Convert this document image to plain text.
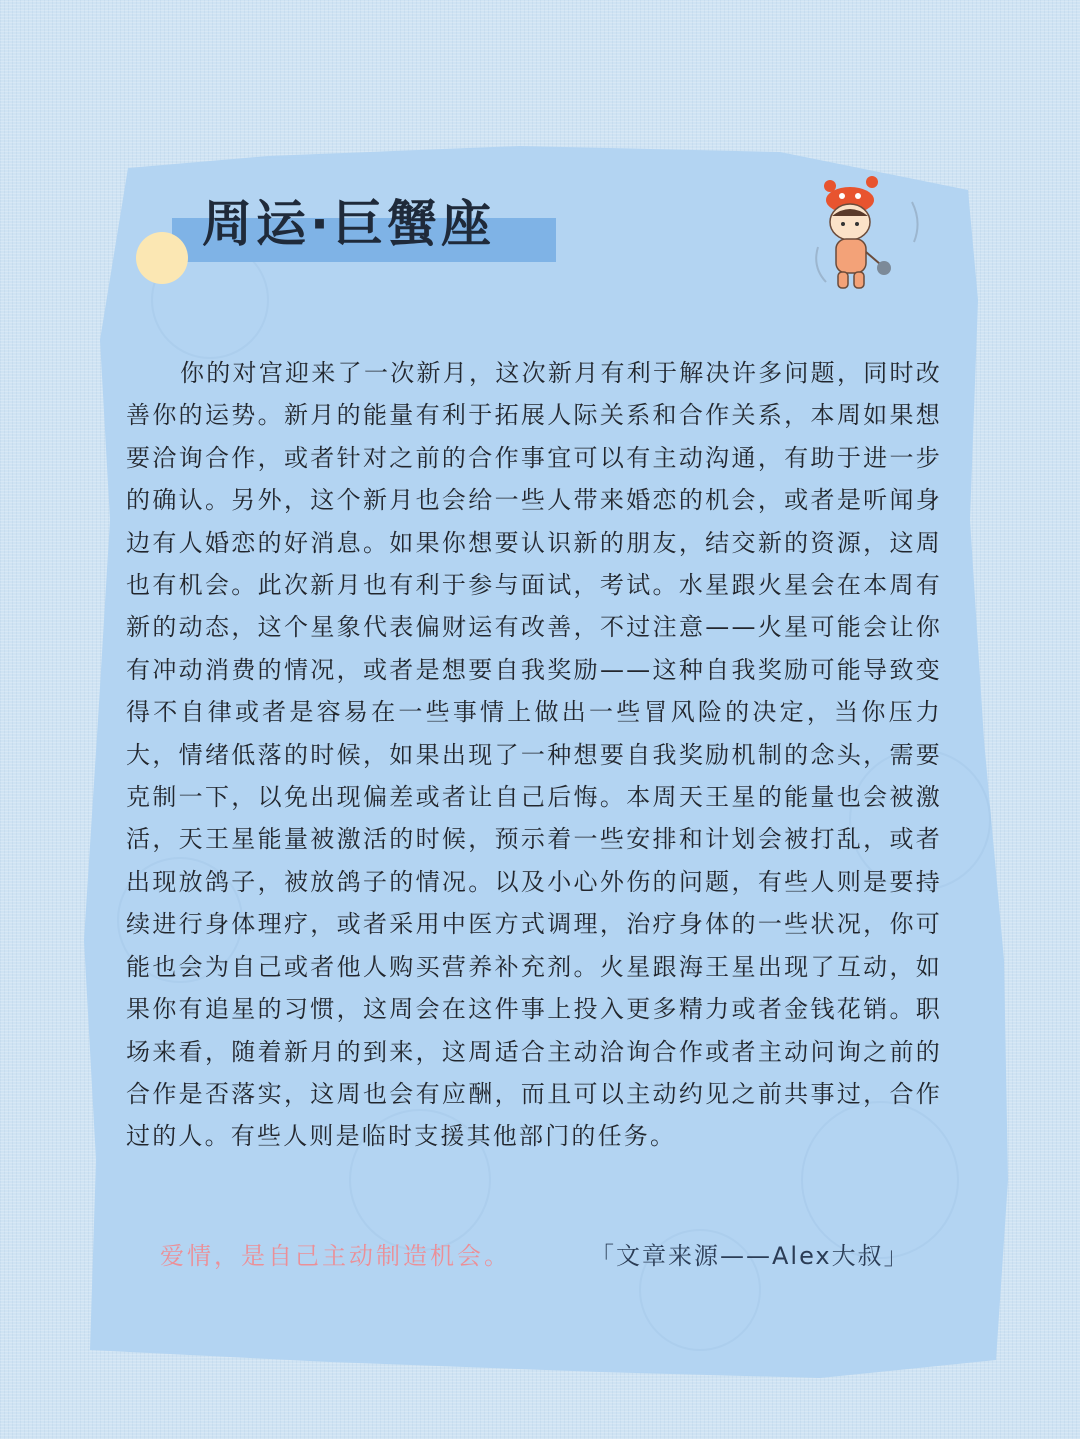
周运·巨蟹座

你的对宫迎来了一次新月，这次新月有利于解决许多问题，同时改善你的运势。新月的能量有利于拓展人际关系和合作关系，本周如果想要洽询合作，或者针对之前的合作事宜可以有主动沟通，有助于进一步的确认。另外，这个新月也会给一些人带来婚恋的机会，或者是听闻身边有人婚恋的好消息。如果你想要认识新的朋友，结交新的资源，这周也有机会。此次新月也有利于参与面试，考试。水星跟火星会在本周有新的动态，这个星象代表偏财运有改善，不过注意——火星可能会让你有冲动消费的情况，或者是想要自我奖励——这种自我奖励可能导致变得不自律或者是容易在一些事情上做出一些冒风险的决定，当你压力大，情绪低落的时候，如果出现了一种想要自我奖励机制的念头，需要克制一下，以免出现偏差或者让自己后悔。本周天王星的能量也会被激活，天王星能量被激活的时候，预示着一些安排和计划会被打乱，或者出现放鸽子，被放鸽子的情况。以及小心外伤的问题，有些人则是要持续进行身体理疗，或者采用中医方式调理，治疗身体的一些状况，你可能也会为自己或者他人购买营养补充剂。火星跟海王星出现了互动，如果你有追星的习惯，这周会在这件事上投入更多精力或者金钱花销。职场来看，随着新月的到来，这周适合主动洽询合作或者主动问询之前的合作是否落实，这周也会有应酬，而且可以主动约见之前共事过，合作过的人。有些人则是临时支援其他部门的任务。

爱情，是自己主动制造机会。	「文章来源——Alex大叔」
